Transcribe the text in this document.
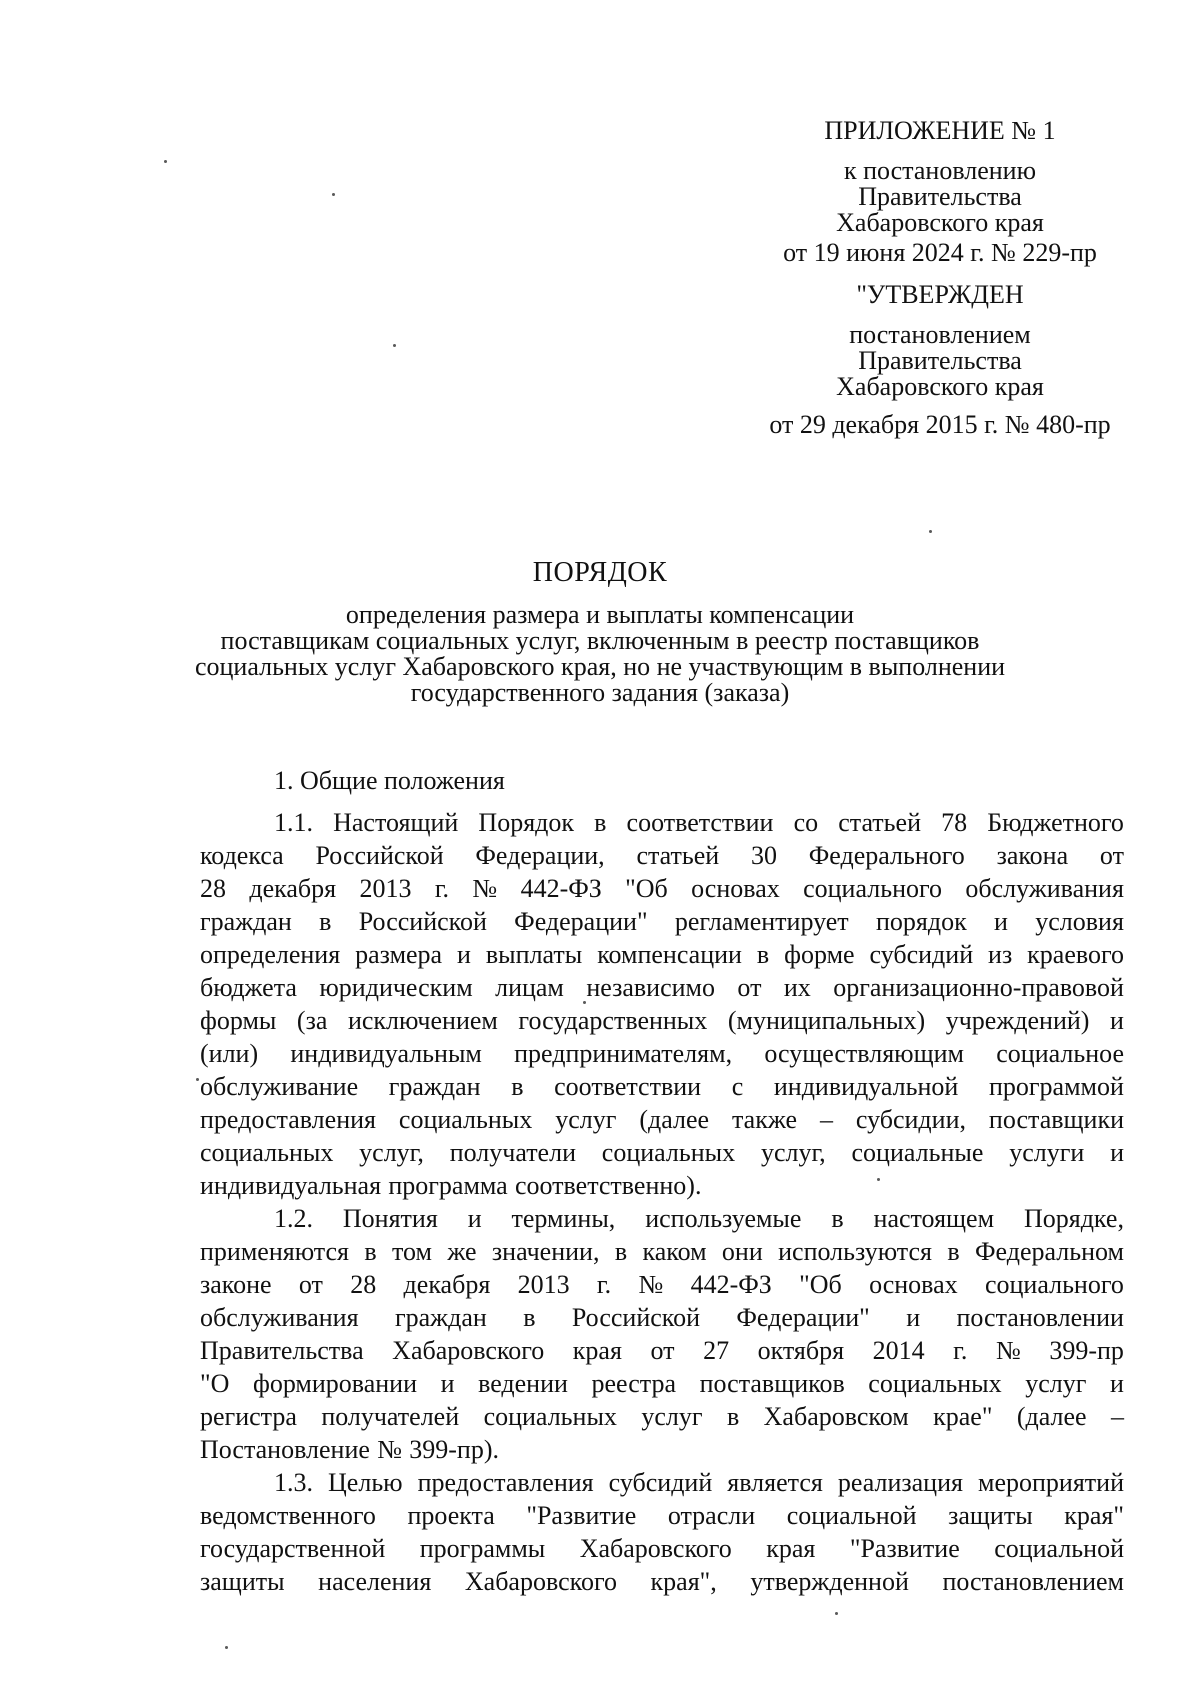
ПРИЛОЖЕНИЕ № 1
к постановлению
Правительства
Хабаровского края
от 19 июня 2024 г. № 229-пр
"УТВЕРЖДЕН
постановлением
Правительства
Хабаровского края
от 29 декабря 2015 г. № 480-пр
ПОРЯДОК
определения размера и выплаты компенсации
поставщикам социальных услуг, включенным в реестр поставщиков
социальных услуг Хабаровского края, но не участвующим в выполнении
государственного задания (заказа)
1. Общие положения
1.1. Настоящий Порядок в соответствии со статьей 78 Бюджетного
кодекса Российской Федерации, статьей 30 Федерального закона от
28 декабря 2013 г. № 442-ФЗ "Об основах социального обслуживания
граждан в Российской Федерации" регламентирует порядок и условия
определения размера и выплаты компенсации в форме субсидий из краевого
бюджета юридическим лицам независимо от их организационно-правовой
формы (за исключением государственных (муниципальных) учреждений) и
(или) индивидуальным предпринимателям, осуществляющим социальное
обслуживание граждан в соответствии с индивидуальной программой
предоставления социальных услуг (далее также – субсидии, поставщики
социальных услуг, получатели социальных услуг, социальные услуги и
индивидуальная программа соответственно).
1.2. Понятия и термины, используемые в настоящем Порядке,
применяются в том же значении, в каком они используются в Федеральном
законе от 28 декабря 2013 г. № 442-ФЗ "Об основах социального
обслуживания граждан в Российской Федерации" и постановлении
Правительства Хабаровского края от 27 октября 2014 г. № 399-пр
"О формировании и ведении реестра поставщиков социальных услуг и
регистра получателей социальных услуг в Хабаровском крае" (далее –
Постановление № 399-пр).
1.3. Целью предоставления субсидий является реализация мероприятий
ведомственного проекта "Развитие отрасли социальной защиты края"
государственной программы Хабаровского края "Развитие социальной
защиты населения Хабаровского края", утвержденной постановлением
